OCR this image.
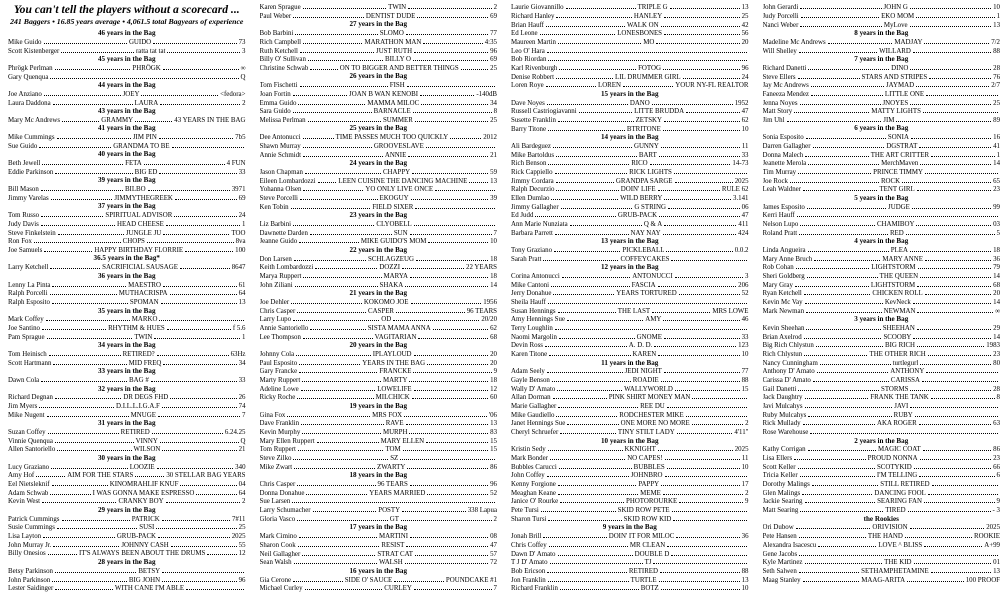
You can't tell the players without a scorecard ...
241 Baggers • 16.85 years average • 4,061.5 total Bagyears of experience
46 years in the Bag
Mike Guido	GUIDO	73
Scott Kistenberger	ratta tat tat	3
45 years in the Bag
Phrögk Perlman	PHRÖGK	∞
Gary Quenqua	Q
44 years in the Bag
Joe Anziano	JOEY	<fedora>
Laura Daddona	LAURA	2
43 years in the Bag
Mary Mc Andrews	GRAMMY	43 YEARS IN THE BAG
41 years in the Bag
Mike Cummings	JIM PIN	7b5
Sue Guido	GRANDMA TO BE
40 years in the Bag
Beth Jewell	FETA	4 FUN
Eddie Parkinson	BIG ED	33
39 years in the Bag
Bill Mason	BILBO	3971
Jimmy Varelas	JIMMYTHEGREEK	69
37 years in the Bag
Tom Russo	SPIRITUAL ADVISOR	24
Judy Davis	HEAD CHEESE	1
Steve Finkelstein	JUNGLE JU	TOO
Ron Fox	CHOPS	8va
Joe Samuels	HAPPY BIRTHDAY FLORRIE	100
36.5 years in the Bag*
Larry Ketchell	SACRIFICIAL SAUSAGE	8647
36 years in the Bag
Lenny La Pinta	MAESTRO	61
Ralph Porcelli	MUTHACRISPA	64
Ralph Esposito	SPOMAN	13
35 years in the Bag
Mark Coffey	MARKO
Joe Santino	RHYTHM & HUES	f 5.6
Pam Sprague	TWIN	1
34 years in the Bag
Tom Heinisch	RETIRED?	63Hz
Scott Hartmann	MID FREQ	34
33 years in the Bag
Dawn Cola	BAG #	33
32 years in the Bag
Richard Degnan	DR DEGS FHD	26
Jim Myers	D.I.L.L.I.G.A.F	74
Mike Nugent	MNUGE	7
31 years in the Bag
Suzan Coffey	RETIRED	6.24.25
Vinnie Quenqua	VINNY	Q
Allen Santoriello	WILSON	21
30 years in the Bag
Lucy Graziano	LOOZIE	340
Amy Hof	AIM FOR THE STARS	30 STELLAR BAG YEARS
Eel Nietsleknif	KINOMRAHLIF KNUF	04
Adam Schwab	I WAS GONNA MAKE ESPRESSO	64
Kevin West	CRANKY BOY	2
29 years in the Bag
Patrick Cummings	PATRICK	7#11
Susie Cummings	SUSI	25
Lisa Layton	GRUB-PACK	2025
John Murray Jr.	JOHNNY CASH	55
Billy Onesios	IT'S ALWAYS BEEN ABOUT THE DRUMS	12
28 years in the Bag
Betsy Parkinson	BETSY
John Parkinson	BIG JOHN	96
Lester Saidinger	WITH CANE I'M ABLE
Karen Sprague	TWIN	2
Paul Weber	DENTIST DUDE	69
27 years in the Bag
Bob Barbini	SLOMO	77
Rich Campbell	MARATHON MAN	4:35
Ruth Ketchell	JUST RUTH	96
Billy O' Sullivan	BILLY O	69
Christine Schwab	ON TO BIGGER AND BETTER THINGS	25
26 years in the Bag
Tom Fischetti	FISH
Joan Fortin	JOAN B WAN KENOBI	-140dB
Emma Guido	MAMMA MILOC	34
Sara Guido	BARNACLE	8
Melissa Perlman	SUMMER	25
25 years in the Bag
Dee Antonucci	TIME PASSES MUCH TOO QUICKLY	2012
Shawn Murray	GROOVESLAVE
Annie Schmidt	ANNIE	21
24 years in the Bag
Jason Chapman	CHAPPY	59
Eileen Lombardozzi	LEEN CUISINE THE DANCING MACHINE	13
Yohanna Olsen	YO ONLY LIVE ONCE
Steve Porcelli	EKOGUY	39
Ken Tobin	FIELD SIXER
23 years in the Bag
Liz Barbini	CLYOBELL
Dawnette Darden	SUN	7
Jeanne Guido	MIKE GUIDO'S MOM	10
22 years in the Bag
Don Larsen	SCHLAGZEUG	18
Keith Lombardozzi	DOZZI	22 YEARS
Marya Ruppert	MARYA	18
John Ziliani	SHAKA	14
21 years in the Bag
Joe Dehler	KOKOMO JOE	1956
Chris Casper	CASPER	96 TEARS
Larry Lupo	OD	20/20
Annie Santoriello	SISTA MAMA ANNA	62
Lee Thompson	VAGITARIAN	68
20 years in the Bag
Johnny Cola	IPLAYLOUD	20
Paul Esposito	YEARS IN THE BAG	20
Gary Francke	FRANCKE	9
Marty Ruppert	MARTY	18
Adeline Lowe	LOWELIFE	12
Ricky Roche	MILCHICK	60
19 years in the Bag
Gina Fox	MRS FOX	'06
Dave Franklin	RAVE	13
Kevin Murphy	MURPH	83
Mary Ellen Ruppert	MARY ELLEN	15
Tom Ruppert	TOM	15
Steve Zilko	SZ
Mike Zwart	ZWARTY	86
18 years in the Bag
Chris Casper	96 TEARS	96
Donna Donahue	YEARS MARRIED	52
Sue Larsen
Larry Schumacher	POSTY	338 Lapua
Gloria Vasco	GT	2
17 years in the Bag
Mark Cimino	MARTINI	08
Sharon Cook	RESIST	47
Neil Gallagher	STRAT CAT	57
Sean Walsh	WALSH	72
16 years in the Bag
Gia Cerone	SIDE O' SAUCE	POUNDCAKE #1
Michael Curley	CURLEY	7
Laurie Giovannillo	TRIPLE G	13
Richard Hanley	HANLEY	25
Brian Hauff	WALK ON	42
Ed Leone	LONESBONES	56
Maureen Martin	MO	20
Leo O' Hara
Bob Riordan
Karl Rivenburgh	FOTOG	96
Denise Robbert	LIL DRUMMER GIRL	24
Loren Roye	LOREN	YOUR NY-FL REALTOR
15 years in the Bag
Dave Noyes	DANO	1952
Russell Castriogiavanni	LITTE BRUDDA	47
Susette Franklin	ZETSKY	62
Barry Titone	BTRITONE	10
14 years in the Bag
Ali Bardeguez	GUNNY	11
Mike Bartoldus	BART	33
Rich Benson	RICO	14-73
Rick Cappiello	RICK LIGHTS
Jimmy Cordara	GRANDPA SARGE	2025
Ralph Decurzio	DOIN' LIFE	RULE 62
Ellen Dumlao	WILD BERRY	3.141
Jimmy Gallagher	G STRING	06
Ed Judd	GRUB-PACK	47
Ann Marie Nunziata	Q & A	411
Barbara Parrett	NAY NAY	424
13 years in the Bag
Tony Graziano	PICKLEBALL	0.0.2
Sarah Pratt	COFFEYCAKES
12 years in the Bag
Corina Antonucci	ANTONUCCI	3
Mike Cantoni	FASCIA	206
Jerry Donahue	YEARS TORTURED	52
Sheila Hauff
Susan Hennings	THE LAST	MRS LOWE
Amy Hennings Sue	AMY	46
Terry Loughlin
Naomi Margolin	GNOME	33
Devin Ross	A. D. D.	123
Karen Titone	KAREN	10
11 years in the Bag
Adam Seely	JEDI NIGHT	77
Gayle Benson	ROADIE	88
Wally D' Amato	WALLYWORLD	15
Allan Dorman	PINK SHIRT MONEY MAN
Marie Gallagher	REE DU
Mike Gaudiello	RODCHESTER MIKE
Janet Hennings Sue	ONE MORE NO MORE	2
Cheryl Schruefer	TINY STILT LADY	4'11"
10 years in the Bag
Kristin Sedy	KKNIGHT	2025
Mark Bonder	NO CAPES!	11
Bubbles Carucci	BUBBLES	10
John Coffey	JOHNBRO
Kenny Forgione	PAPPY	17
Meaghan Keane	MEME	2
Janice O' Rourke	PHOTOROURKE	9
Pete Tursi	SKID ROW PETE
Sharon Tursi	SKID ROW KID
9 years in the Bag
Jonah Brill	DOIN' IT FOR MILOC	36
Chris Coffey	MR CLEAN
Dawn D' Amato	DOUBLE D
T J D' Amato	TJ
Bob Ericson	RETIRED	88
Jon Franklin	TURTLE	13
Richard Franklin	BOTZ	10
John Gerardi	JOHN G	10
Judy Porcelli	EKO MOM	1
Nanci Weber	MyLove	13
8 years in the Bag
Madeline Mc Andrews	MADJAY	7/2
Will Shelley	WILLARD	88
7 years in the Bag
Richard Danetti	DINO	28
Steve Ellers	STARS AND STRIPES	76
Jay Mc Andrews	JAYMAD	2/7
Faneeza Mendez	LITTLE ONE
Jenna Noyes	JNOYES	25
Matt Story	MATTY LIGHTS
Jim Uhl	JIM	89
6 years in the Bag
Sonia Esposito	SONIA	16
Darren Gallagher	DGSTRAT	41
Donna Malech	THE ART CRITTER	1
Jeanette Merola	MerchMaven	14
Tim Murray	PRINCE TIMMY
Joe Rock	ROCK	65
Leah Waldner	TENT GIRL	23
5 years in the Bag
James Esposito	JUDGE	99
Kerri Hauff
Nelson Lupo	CHAMIBOY	03
Roland Pratt	RED	5
4 years in the Bag
Linda Angueira	PLEA	18
Mary Anne Bruch	MARY ANNE	36
Rob Cohan	LIGHTSTORM	79
Sheri Goldberg	THE QUEEN	14
Mary Gray	LIGHTSTORM	68
Ryan Ketchell	CHICKEN ROLL	20
Kevin Mc Vay	KevNeck	14
Mark Newman	NEWMAN	∞
3 years in the Bag
Kevin Sheehan	SHEEHAN	29
Brian Axelrod	SCOOBY	14
Big Rich Chlystun	BIG RICH	1983
Rich Chlystun	THE OTHER RICH	23
Nancy Cunningham	turtlegurl	80
Anthony D' Amato	ANTHONY
Carissa D' Amato	CARISSA
Gail Danetti	STORMS	28
Jack Daughtry	FRANK THE TANK	8
Javi Mulcahys	JAVI
Ruby Mulcahys	RUBY
Rick Mullady	AKA ROGER	63
Rose Warehouse
2 years in the Bag
Kathy Corrigan	MAGIC COAT	86
Lisa Ellers	PROUD NONNA	23
Scott Keller	SCOTYKID	66
Tricia Keller	I'M TELLING	6
Dorothy Malings	STILL RETIRED
Glen Malings	DANCING FOOL
Jackie Searing	SEARING FAN	9
Matt Searing	TIRED	- 3
the Rookies
Ori Dubow	ORIVISION	2025
Pete Hansen	THE HAND	ROOKIE
Alexandra Isacescu	LOVE ^ BLISS	A+99
Gene Jacobs
Kyle Martinez	THE KID	01
Seth Salwen	SETHAMPHETAMINE	13
Maag Stanley	MAAG-ARITA	100 PROOF
